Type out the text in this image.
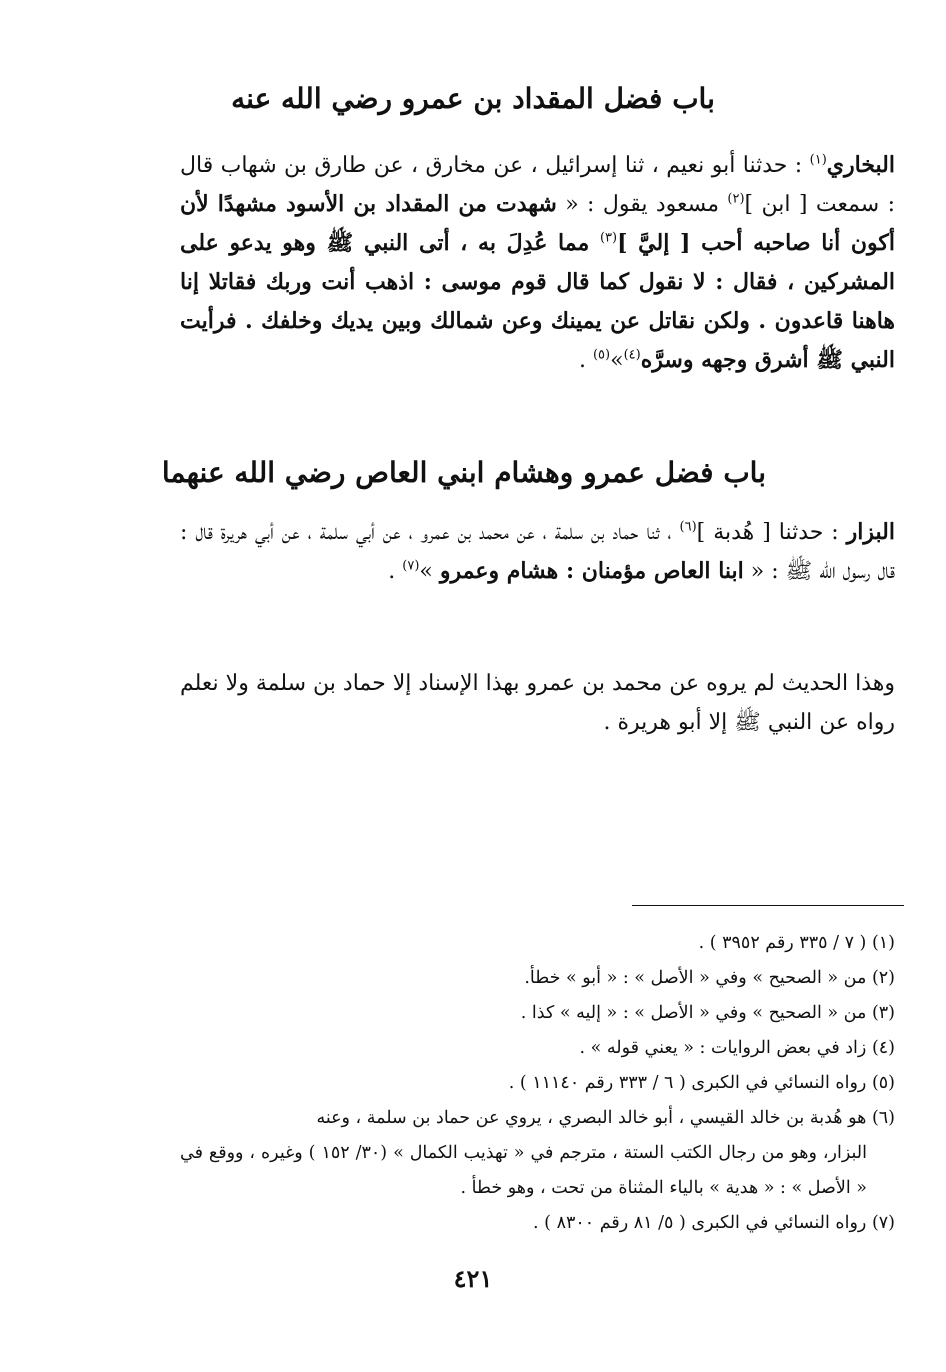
باب فضل المقداد بن عمرو رضي الله عنه

البخاري$^{(١)}$ : حدثنا أبو نعيم ، ثنا إسرائيل ، عن مخارق ، عن طارق بن شهاب قال : سمعت [ ابن ]$^{(٢)}$ مسعود يقول : « شهدت من المقداد بن الأسود مشهدًا لأن أكون أنا صاحبه أحب [ إليَّ ]$^{(٣)}$ مما عُدِلَ به ، أتى النبي ﷺ وهو يدعو على المشركين ، فقال : لا نقول كما قال قوم موسى : اذهب أنت وربك فقاتلا إنا هاهنا قاعدون . ولكن نقاتل عن يمينك وعن شمالك وبين يديك وخلفك . فرأيت النبي ﷺ أشرق وجهه وسرَّه$^{(٤)}$»$^{(٥)}$ .

باب فضل عمرو وهشام ابني العاص رضي الله عنهما

البزار : حدثنا [ هُدبة ]$^{(٦)}$ ، ثنا حماد بن سلمة ، عن محمد بن عمرو ، عن أبي سلمة ، عن أبي هريرة قال : قال رسول الله ﷺ : « ابنا العاص مؤمنان : هشام وعمرو »$^{(٧)}$ .

وهذا الحديث لم يروه عن محمد بن عمرو بهذا الإسناد إلا حماد بن سلمة ولا نعلم رواه عن النبي ﷺ إلا أبو هريرة .

(١) ( ٧ / ٣٣٥ رقم ٣٩٥٢ ) .
(٢) من « الصحيح » وفي « الأصل » : « أبو » خطأ.
(٣) من « الصحيح » وفي « الأصل » : « إليه » كذا .
(٤) زاد في بعض الروايات : « يعني قوله » .
(٥) رواه النسائي في الكبرى ( ٦ / ٣٣٣ رقم ١١١٤٠ ) .
(٦) هو هُدبة بن خالد القيسي ، أبو خالد البصري ، يروي عن حماد بن سلمة ، وعنه
البزار، وهو من رجال الكتب الستة ، مترجم في « تهذيب الكمال » (٣٠/ ١٥٢ ) وغيره ، ووقع في « الأصل » : « هدية » بالياء المثناة من تحت ، وهو خطأ .
(٧) رواه النسائي في الكبرى ( ٥/ ٨١ رقم ٨٣٠٠ ) .
٤٢١
